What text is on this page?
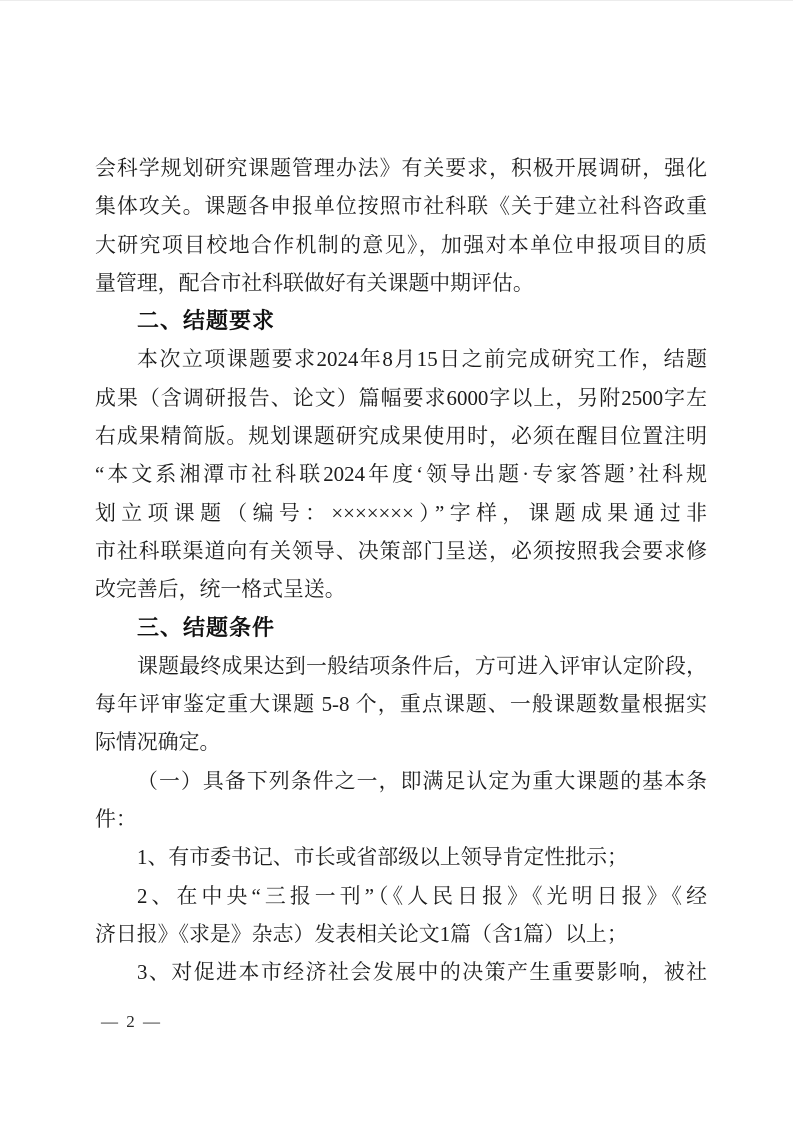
会科学规划研究课题管理办法》有关要求，积极开展调研，强化
集体攻关。课题各申报单位按照市社科联《关于建立社科咨政重
大研究项目校地合作机制的意见》，加强对本单位申报项目的质
量管理，配合市社科联做好有关课题中期评估。
二、结题要求
本次立项课题要求2024年8月15日之前完成研究工作，结题
成果（含调研报告、论文）篇幅要求6000字以上，另附2500字左
右成果精简版。规划课题研究成果使用时，必须在醒目位置注明
“本文系湘潭市社科联2024年度‘领导出题·专家答题’社科规
划立项课题（编号：×××××××）”字样，课题成果通过非
市社科联渠道向有关领导、决策部门呈送，必须按照我会要求修
改完善后，统一格式呈送。
三、结题条件
课题最终成果达到一般结项条件后，方可进入评审认定阶段，
每年评审鉴定重大课题 5-8 个，重点课题、一般课题数量根据实
际情况确定。
（一）具备下列条件之一，即满足认定为重大课题的基本条
件：
1、有市委书记、市长或省部级以上领导肯定性批示；
2、在中央“三报一刊”（《人民日报》《光明日报》《经
济日报》《求是》杂志）发表相关论文1篇（含1篇）以上；
3、对促进本市经济社会发展中的决策产生重要影响，被社
— 2 —
